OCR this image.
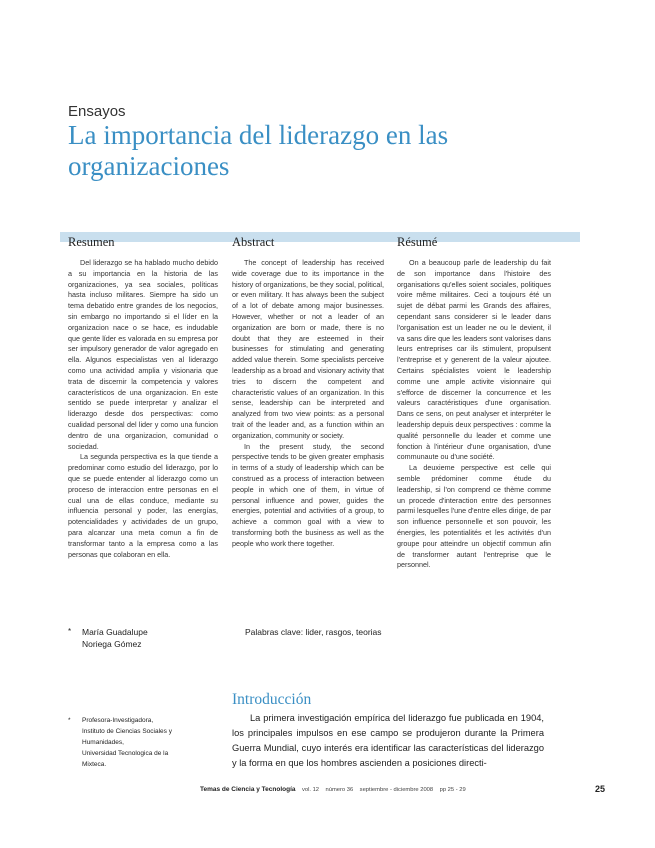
Ensayos
La importancia del liderazgo en las organizaciones
Resumen

Del liderazgo se ha hablado mucho debido a su importancia en la historia de las organizaciones, ya sea sociales, políticas hasta incluso militares. Siempre ha sido un tema debatido entre grandes de los negocios, sin embargo no importando si el líder en la organizacion nace o se hace, es indudable que gente líder es valorada en su empresa por ser impulsory generador de valor agregado en ella. Algunos especialistas ven al liderazgo como una actividad amplia y visionaria que trata de discernir la competencia y valores característicos de una organizacion. En este sentido se puede interpretar y analizar el liderazgo desde dos perspectivas: como cualidad personal del lider y como una funcion dentro de una organizacion, comunidad o sociedad.

La segunda perspectiva es la que tiende a predominar como estudio del liderazgo, por lo que se puede entender al liderazgo como un proceso de interaccion entre personas en el cual una de ellas conduce, mediante su influencia personal y poder, las energías, potencialidades y actividades de un grupo, para alcanzar una meta comun a fin de transformar tanto a la empresa como a las personas que colaboran en ella.

Abstract

The concept of leadership has received wide coverage due to its importance in the history of organizations, be they social, political, or even military. It has always been the subject of a lot of debate among major businesses. However, whether or not a leader of an organization are born or made, there is no doubt that they are esteemed in their businesses for stimulating and generating added value therein. Some specialists perceive leadership as a broad and visionary activity that tries to discern the competent and characteristic values of an organization. In this sense, leadership can be interpreted and analyzed from two view points: as a personal trait of the leader and, as a function within an organization, community or society.

In the present study, the second perspective tends to be given greater emphasis in terms of a study of leadership which can be construed as a process of interaction between people in which one of them, in virtue of personal influence and power, guides the energies, potential and activities of a group, to achieve a common goal with a view to transforming both the business as well as the people who work there together.

Résumé

On a beaucoup parle de leadership du fait de son importance dans l'histoire des organisations qu'elles soient sociales, politiques voire même militaires. Ceci a toujours été un sujet de débat parmi les Grands des affaires, cependant sans considerer si le leader dans l'organisation est un leader ne ou le devient, il va sans dire que les leaders sont valorises dans leurs entreprises car ils stimulent, propulsent l'entreprise et y generent de la valeur ajoutee. Certains spécialistes voient le leadership comme une ample activite visionnaire qui s'efforce de discerner la concurrence et les valeurs caractéristiques d'une organisation. Dans ce sens, on peut analyser et interpréter le leadership depuis deux perspectives : comme la qualité personnelle du leader et comme une fonction à l'intérieur d'une organisation, d'une communaute ou d'une société.

La deuxieme perspective est celle qui semble prédominer comme étude du leadership, si l'on comprend ce thème comme un procede d'interaction entre des personnes parmi lesquelles l'une d'entre elles dirige, de par son influence personnelle et son pouvoir, les énergies, les potentialités et les activités d'un groupe pour atteindre un objectif commun afin de transformer autant l'entreprise que le personnel.

* María Guadalupe
Noriega Gómez
Palabras clave: lider, rasgos, teorias
Introducción
* Profesora-Investigadora,
Instituto de Ciencias Sociales y
Humanidades,
Universidad Tecnologica de la
Mixteca.

La primera investigación empírica del liderazgo fue publicada en 1904, los principales impulsos en ese campo se produjeron durante la Primera Guerra Mundial, cuyo interés era identificar las características del liderazgo y la forma en que los hombres ascienden a posiciones directi-

Temas de Ciencia y Tecnología vol. 12 número 36 septiembre - diciembre 2008 pp 25 - 29	25
